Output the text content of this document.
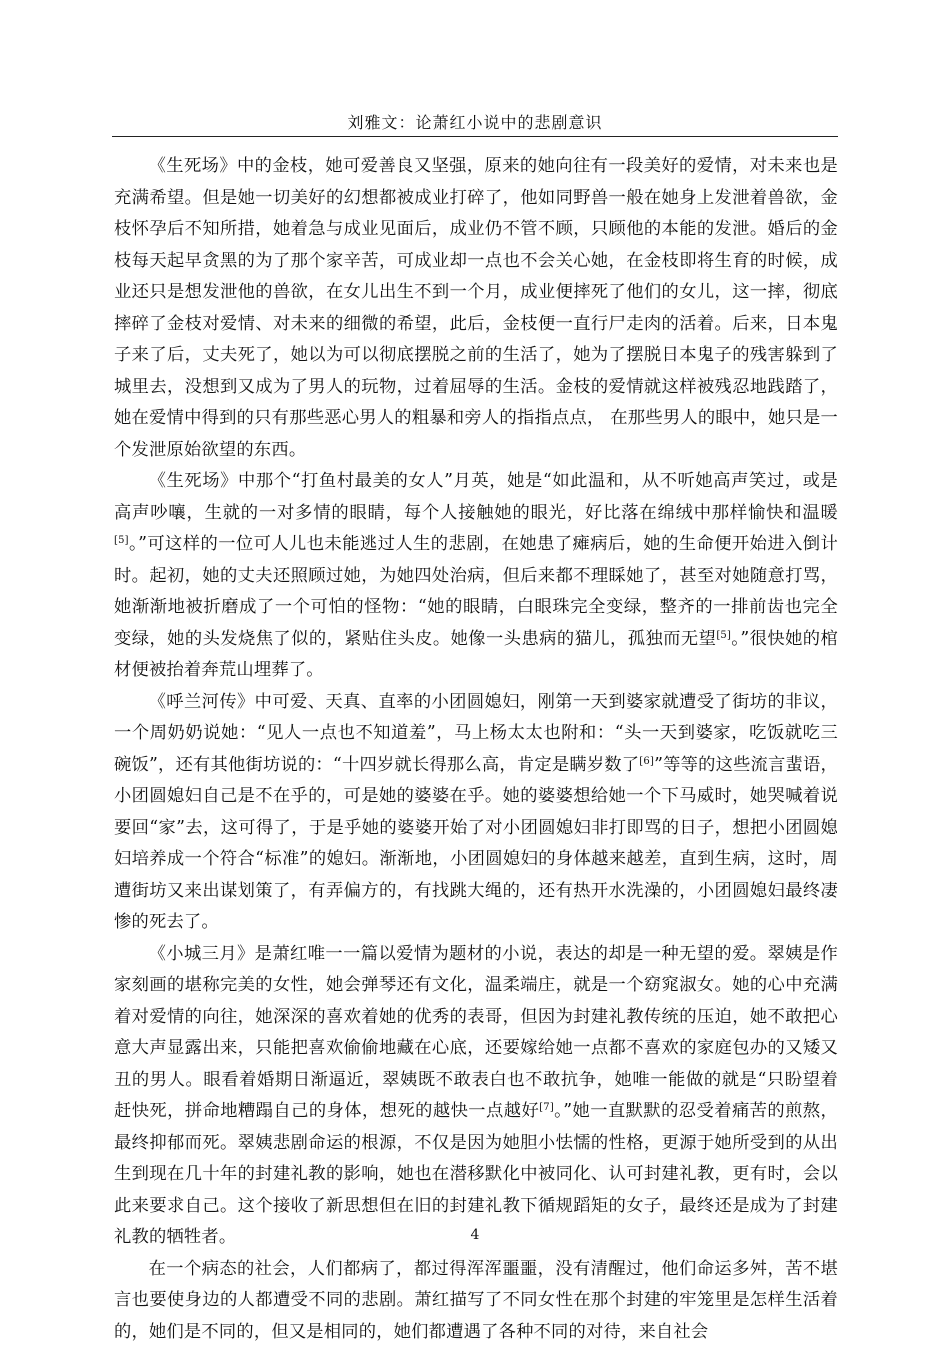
刘雅文：论萧红小说中的悲剧意识

《生死场》中的金枝，她可爱善良又坚强，原来的她向往有一段美好的爱情，对未来也是充满希望。但是她一切美好的幻想都被成业打碎了，他如同野兽一般在她身上发泄着兽欲，金枝怀孕后不知所措，她着急与成业见面后，成业仍不管不顾，只顾他的本能的发泄。婚后的金枝每天起早贪黑的为了那个家辛苦，可成业却一点也不会关心她，在金枝即将生育的时候，成业还只是想发泄他的兽欲，在女儿出生不到一个月，成业便摔死了他们的女儿，这一摔，彻底摔碎了金枝对爱情、对未来的细微的希望，此后，金枝便一直行尸走肉的活着。后来，日本鬼子来了后，丈夫死了，她以为可以彻底摆脱之前的生活了，她为了摆脱日本鬼子的残害躲到了城里去，没想到又成为了男人的玩物，过着屈辱的生活。金枝的爱情就这样被残忍地践踏了，她在爱情中得到的只有那些恶心男人的粗暴和旁人的指指点点， 在那些男人的眼中，她只是一个发泄原始欲望的东西。

《生死场》中那个“打鱼村最美的女人”月英，她是“如此温和，从不听她高声笑过，或是高声吵嚷，生就的一对多情的眼睛，每个人接触她的眼光，好比落在绵绒中那样愉快和温暖[5]。”可这样的一位可人儿也未能逃过人生的悲剧，在她患了瘫病后，她的生命便开始进入倒计时。起初，她的丈夫还照顾过她，为她四处治病，但后来都不理睬她了，甚至对她随意打骂，她渐渐地被折磨成了一个可怕的怪物：“她的眼睛，白眼珠完全变绿，整齐的一排前齿也完全变绿，她的头发烧焦了似的，紧贴住头皮。她像一头患病的猫儿，孤独而无望[5]。”很快她的棺材便被抬着奔荒山埋葬了。

《呼兰河传》中可爱、天真、直率的小团圆媳妇，刚第一天到婆家就遭受了街坊的非议，一个周奶奶说她：“见人一点也不知道羞”，马上杨太太也附和：“头一天到婆家，吃饭就吃三碗饭”，还有其他街坊说的：“十四岁就长得那么高，肯定是瞒岁数了[6]”等等的这些流言蜚语，小团圆媳妇自己是不在乎的，可是她的婆婆在乎。她的婆婆想给她一个下马威时，她哭喊着说要回“家”去，这可得了，于是乎她的婆婆开始了对小团圆媳妇非打即骂的日子，想把小团圆媳妇培养成一个符合“标准”的媳妇。渐渐地，小团圆媳妇的身体越来越差，直到生病，这时，周遭街坊又来出谋划策了，有弄偏方的，有找跳大绳的，还有热开水洗澡的，小团圆媳妇最终凄惨的死去了。

《小城三月》是萧红唯一一篇以爱情为题材的小说，表达的却是一种无望的爱。翠姨是作家刻画的堪称完美的女性，她会弹琴还有文化，温柔端庄，就是一个窈窕淑女。她的心中充满着对爱情的向往，她深深的喜欢着她的优秀的表哥，但因为封建礼教传统的压迫，她不敢把心意大声显露出来，只能把喜欢偷偷地藏在心底，还要嫁给她一点都不喜欢的家庭包办的又矮又丑的男人。眼看着婚期日渐逼近，翠姨既不敢表白也不敢抗争，她唯一能做的就是“只盼望着赶快死，拼命地糟蹋自己的身体，想死的越快一点越好[7]。”她一直默默的忍受着痛苦的煎熬，最终抑郁而死。翠姨悲剧命运的根源，不仅是因为她胆小怯懦的性格，更源于她所受到的从出生到现在几十年的封建礼教的影响，她也在潜移默化中被同化、认可封建礼教，更有时，会以此来要求自己。这个接收了新思想但在旧的封建礼教下循规蹈矩的女子，最终还是成为了封建礼教的牺牲者。

在一个病态的社会，人们都病了，都过得浑浑噩噩，没有清醒过，他们命运多舛，苦不堪言也要使身边的人都遭受不同的悲剧。萧红描写了不同女性在那个封建的牢笼里是怎样生活着的，她们是不同的，但又是相同的，她们都遭遇了各种不同的对待，来自社会

4
